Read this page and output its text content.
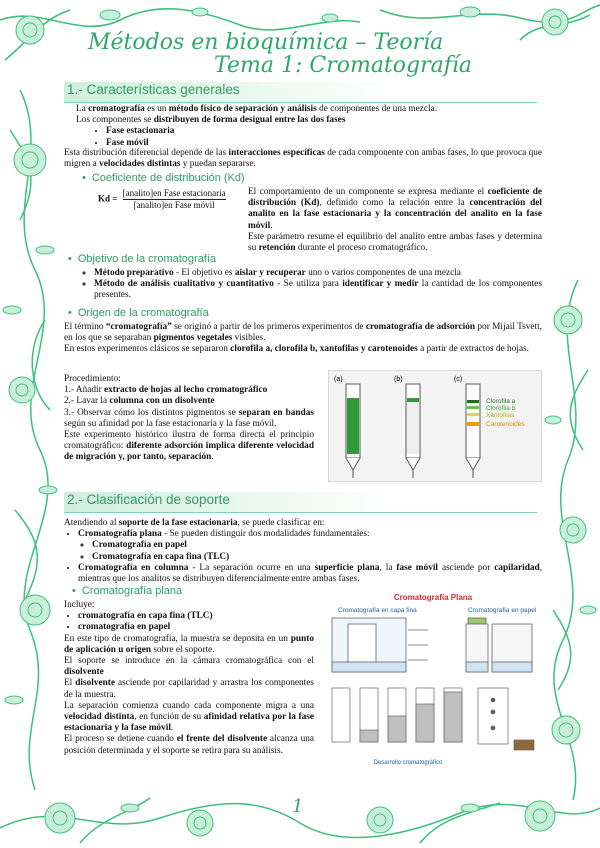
Métodos en bioquímica – Teoría
Tema 1: Cromatografía
1.- Características generales
La cromatografía es un método físico de separación y análisis de componentes de una mezcla.
Los componentes se distribuyen de forma desigual entre las dos fases
• Fase estacionaria
• Fase móvil
Esta distribución diferencial depende de las interacciones específicas de cada componente con ambas fases, lo que provoca que migren a velocidades distintas y puedan separarse.
• Coeficiente de distribución (Kd)
$Kd = \frac{\text{[analito]en Fase estacionaria}}{\text{[analito]en Fase móvil}}$ El comportamiento de un componente se expresa mediante el coeficiente de distribución (Kd), definido como la relación entre la concentración del analito en la fase estacionaria y la concentración del analito en la fase móvil.
Este parámetro resume el equilibrio del analito entre ambas fases y determina su retención durante el proceso cromatográfico.
• Objetivo de la cromatografía
◦ Método preparativo - El objetivo es aislar y recuperar uno o varios componentes de una mezcla
◦ Método de análisis cualitativo y cuantitativo - Se utiliza para identificar y medir la cantidad de los componentes presentes.
• Origen de la cromatografía
El término “cromatografía” se originó a partir de los primeros experimentos de cromatografía de adsorción por Mijail Tsvett, en los que se separaban pigmentos vegetales visibles.
En estos experimentos clásicos se separaron clorofila a, clorofila b, xantofilas y carotenoides a partir de extractos de hojas.
Procedimiento:
1.- Añadir extracto de hojas al lecho cromatográfico
2.- Lavar la columna con un disolvente
3.- Observar cómo los distintos pigmentos se separan en bandas según su afinidad por la fase estacionaria y la fase móvil.
Este experimento histórico ilustra de forma directa el principio cromatográfico: diferente adsorción implica diferente velocidad de migración y, por tanto, separación.
(a)	(b)	(c)
Clorofila a
Clorofila b
Xantofilas
Carotenoides
2.- Clasificación de soporte
Atendiendo al soporte de la fase estacionaria, se puede clasificar en:
• Cromatografía plana - Se pueden distinguir dos modalidades fundamentales:
◦ Cromatografía en papel
◦ Cromatografía en capa fina (TLC)
• Cromatografía en columna - La separación ocurre en una superficie plana, la fase móvil asciende por capilaridad, mientras que los analitos se distribuyen diferencialmente entre ambas fases.
• Cromatografía plana
Incluye:
• cromatografía en capa fina (TLC)
• cromatografía en papel
En este tipo de cromatografía, la muestra se deposita en un punto de aplicación u origen sobre el soporte.
El soporte se introduce en la cámara cromatográfica con el disolvente
El disolvente asciende por capilaridad y arrastra los componentes de la muestra.
La separación comienza cuando cada componente migra a una velocidad distinta, en función de su afinidad relativa por la fase estacionaria y la fase móvil.
El proceso se detiene cuando el frente del disolvente alcanza una posición determinada y el soporte se retira para su análisis.
Cromatografía Plana
Cromatografía en capa fina	Cromatografía en papel
Desarrollo cromatográfico
1
